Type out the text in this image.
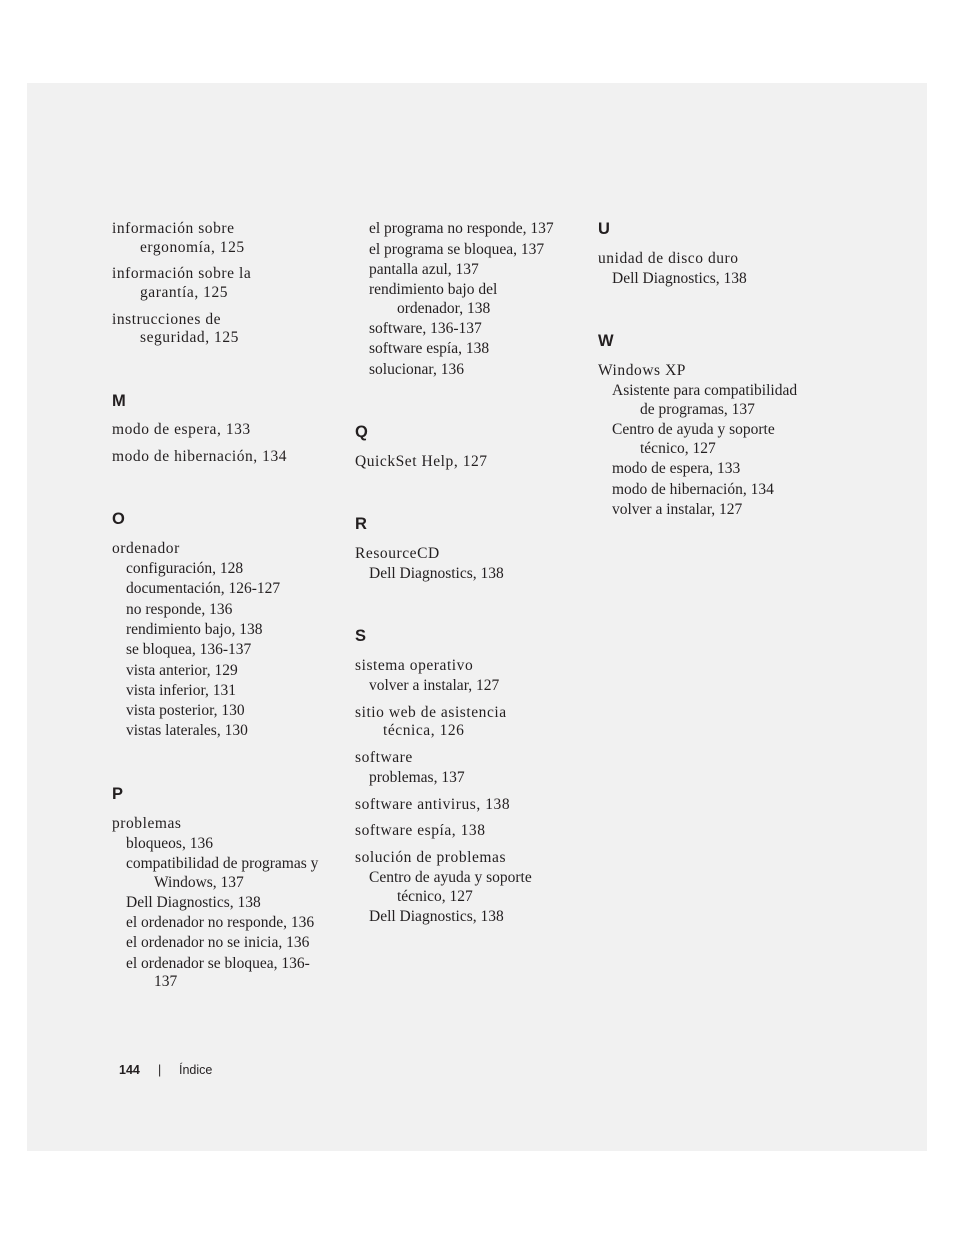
información sobre
ergonomía, 125
información sobre la
garantía, 125
instrucciones de
seguridad, 125
M
modo de espera, 133
modo de hibernación, 134
O
ordenador
configuración, 128
documentación, 126-127
no responde, 136
rendimiento bajo, 138
se bloquea, 136-137
vista anterior, 129
vista inferior, 131
vista posterior, 130
vistas laterales, 130
P
problemas
bloqueos, 136
compatibilidad de programas y
Windows, 137
Dell Diagnostics, 138
el ordenador no responde, 136
el ordenador no se inicia, 136
el ordenador se bloquea, 136-
137
el programa no responde, 137
el programa se bloquea, 137
pantalla azul, 137
rendimiento bajo del
ordenador, 138
software, 136-137
software espía, 138
solucionar, 136
Q
QuickSet Help, 127
R
ResourceCD
Dell Diagnostics, 138
S
sistema operativo
volver a instalar, 127
sitio web de asistencia
técnica, 126
software
problemas, 137
software antivirus, 138
software espía, 138
solución de problemas
Centro de ayuda y soporte
técnico, 127
Dell Diagnostics, 138
U
unidad de disco duro
Dell Diagnostics, 138
W
Windows XP
Asistente para compatibilidad
de programas, 137
Centro de ayuda y soporte
técnico, 127
modo de espera, 133
modo de hibernación, 134
volver a instalar, 127
144 | Índice
